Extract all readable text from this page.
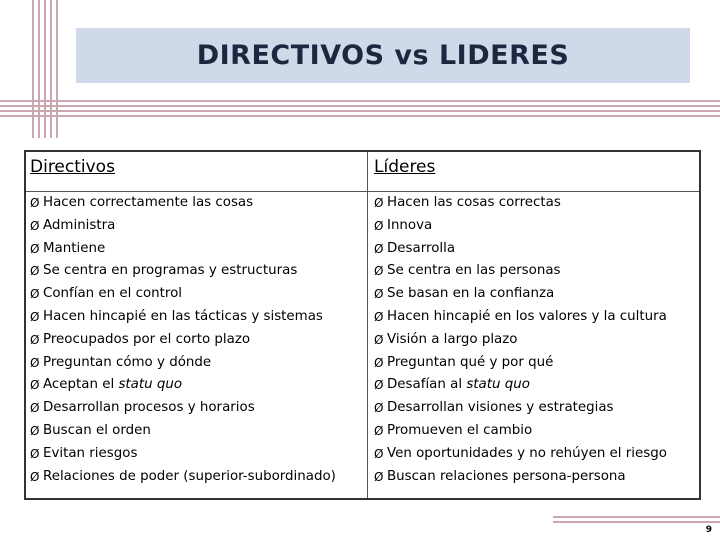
DIRECTIVOS vs LIDERES
Directivos	Líderes
Ø Hacen correctamente las cosas	Ø Hacen las cosas correctas
Ø Administra	Ø Innova
Ø Mantiene	Ø Desarrolla
Ø Se centra en programas y estructuras	Ø Se centra en las personas
Ø Confían en el control	Ø Se basan en la confianza
Ø Hacen hincapié en las tácticas y sistemas	Ø Hacen hincapié en los valores y la cultura
Ø Preocupados por el corto plazo	Ø Visión a largo plazo
Ø Preguntan cómo y dónde	Ø Preguntan qué y por qué
Ø Aceptan el statu quo	Ø Desafían al statu quo
Ø Desarrollan procesos y horarios	Ø Desarrollan visiones y estrategias
Ø Buscan el orden	Ø Promueven el cambio
Ø Evitan riesgos	Ø Ven oportunidades y no rehúyen el riesgo
Ø Relaciones de poder (superior-subordinado)	Ø Buscan relaciones persona-persona
9
